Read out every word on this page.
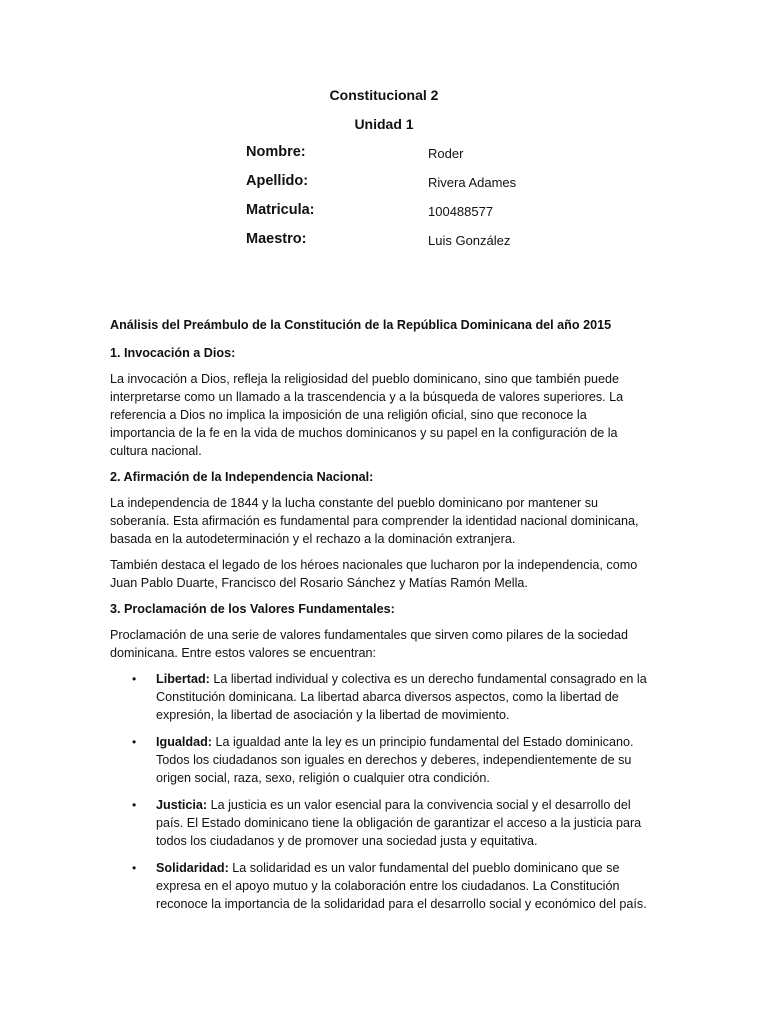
Constitucional 2
Unidad 1
Nombre:	Roder
Apellido:	Rivera Adames
Matricula:	100488577
Maestro:	Luis González

Análisis del Preámbulo de la Constitución de la República Dominicana del año 2015

1. Invocación a Dios:

La invocación a Dios, refleja la religiosidad del pueblo dominicano, sino que también puede interpretarse como un llamado a la trascendencia y a la búsqueda de valores superiores. La referencia a Dios no implica la imposición de una religión oficial, sino que reconoce la importancia de la fe en la vida de muchos dominicanos y su papel en la configuración de la cultura nacional.

2. Afirmación de la Independencia Nacional:

La independencia de 1844 y la lucha constante del pueblo dominicano por mantener su soberanía. Esta afirmación es fundamental para comprender la identidad nacional dominicana, basada en la autodeterminación y el rechazo a la dominación extranjera.

También destaca el legado de los héroes nacionales que lucharon por la independencia, como Juan Pablo Duarte, Francisco del Rosario Sánchez y Matías Ramón Mella.

3. Proclamación de los Valores Fundamentales:

Proclamación de una serie de valores fundamentales que sirven como pilares de la sociedad dominicana. Entre estos valores se encuentran:

• Libertad: La libertad individual y colectiva es un derecho fundamental consagrado en la Constitución dominicana. La libertad abarca diversos aspectos, como la libertad de expresión, la libertad de asociación y la libertad de movimiento.
• Igualdad: La igualdad ante la ley es un principio fundamental del Estado dominicano. Todos los ciudadanos son iguales en derechos y deberes, independientemente de su origen social, raza, sexo, religión o cualquier otra condición.
• Justicia: La justicia es un valor esencial para la convivencia social y el desarrollo del país. El Estado dominicano tiene la obligación de garantizar el acceso a la justicia para todos los ciudadanos y de promover una sociedad justa y equitativa.
• Solidaridad: La solidaridad es un valor fundamental del pueblo dominicano que se expresa en el apoyo mutuo y la colaboración entre los ciudadanos. La Constitución reconoce la importancia de la solidaridad para el desarrollo social y económico del país.
